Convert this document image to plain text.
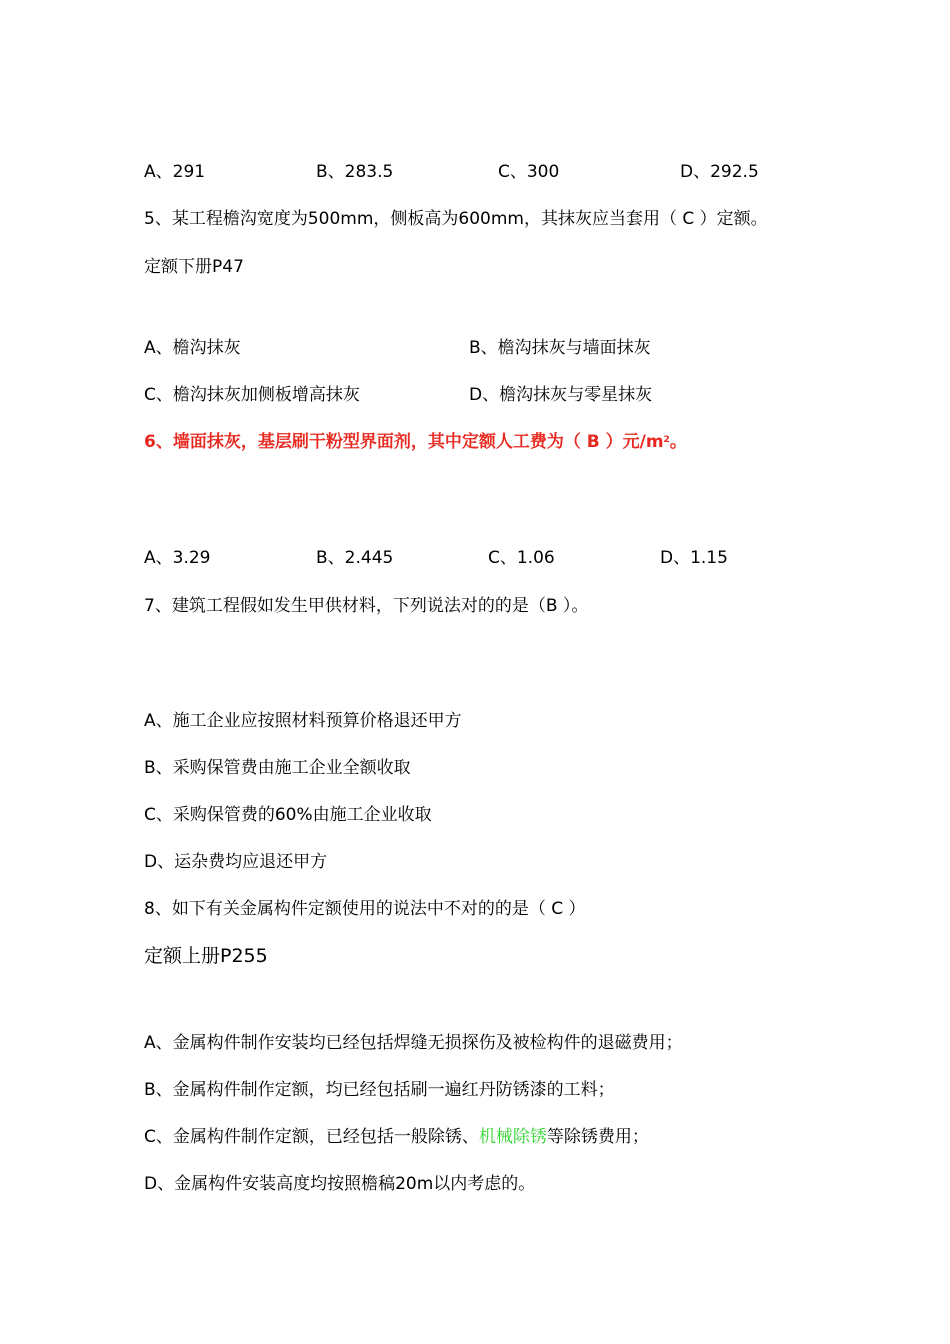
A、291	B、283.5	C、300	D、292.5
5、某工程檐沟宽度为500mm，侧板高为600mm，其抹灰应当套用（ C ）定额。
定额下册P47
A、檐沟抹灰	B、檐沟抹灰与墙面抹灰
C、檐沟抹灰加侧板增高抹灰	D、檐沟抹灰与零星抹灰
6、墙面抹灰，基层刷干粉型界面剂，其中定额人工费为（ B ）元$/m^2$。
A、3.29	B、2.445	C、1.06	D、1.15
7、建筑工程假如发生甲供材料，下列说法对的的是（B ）。
A、施工企业应按照材料预算价格退还甲方
B、采购保管费由施工企业全额收取
C、采购保管费的60%由施工企业收取
D、运杂费均应退还甲方
8、如下有关金属构件定额使用的说法中不对的的是（ C ）
定额上册P255
A、金属构件制作安装均已经包括焊缝无损探伤及被检构件的退磁费用；
B、金属构件制作定额，均已经包括刷一遍红丹防锈漆的工料；
C、金属构件制作定额，已经包括一般除锈、机械除锈等除锈费用；
D、金属构件安装高度均按照檐稿20m以内考虑的。
